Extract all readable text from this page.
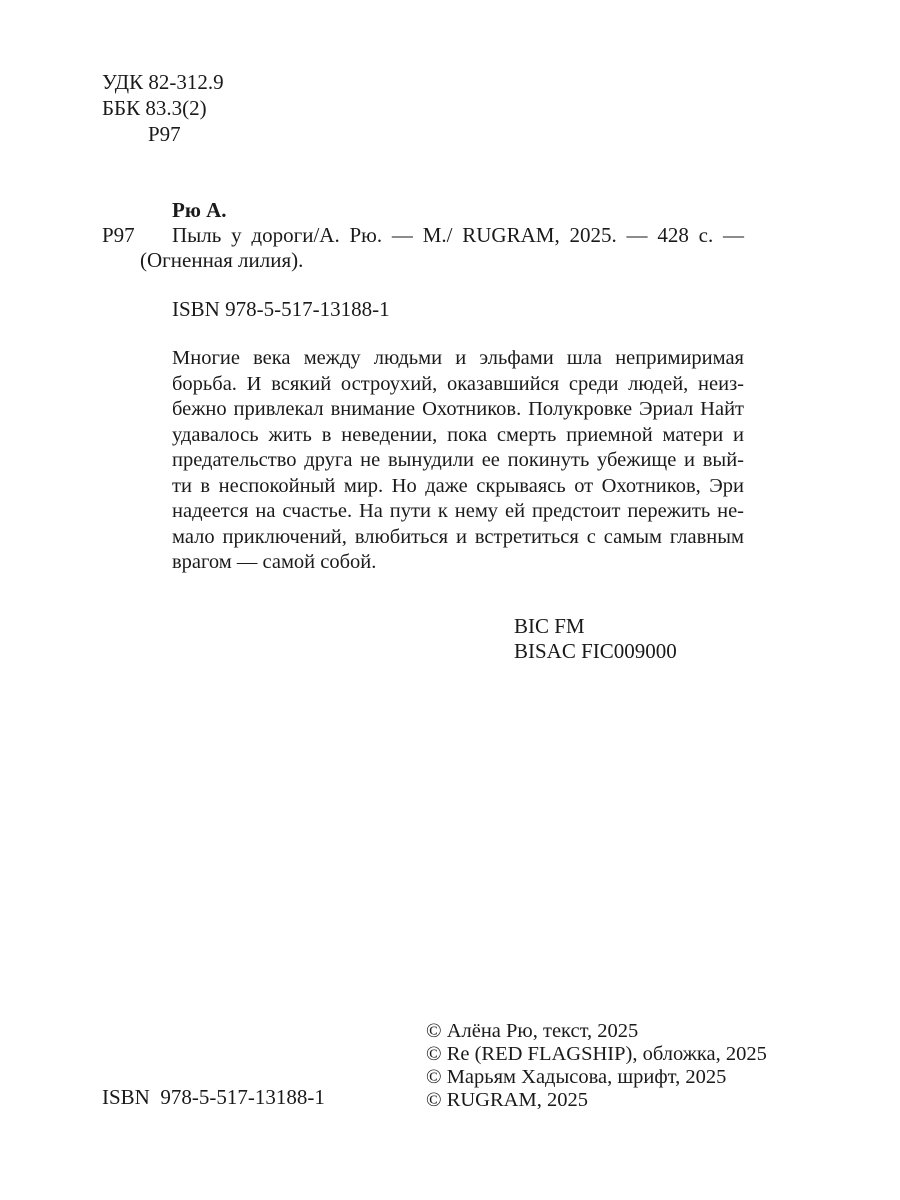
УДК 82-312.9
ББК 83.3(2)
Р97
Рю А.
Р97 Пыль у дороги/А. Рю. — М./ RUGRAM, 2025. — 428 с. —
(Огненная лилия).
ISBN 978-5-517-13188-1
Многие века между людьми и эльфами шла непримиримая
борьба. И всякий остроухий, оказавшийся среди людей, неиз-
бежно привлекал внимание Охотников. Полукровке Эриал Найт
удавалось жить в неведении, пока смерть приемной матери и
предательство друга не вынудили ее покинуть убежище и вый-
ти в неспокойный мир. Но даже скрываясь от Охотников, Эри
надеется на счастье. На пути к нему ей предстоит пережить не-
мало приключений, влюбиться и встретиться с самым главным
врагом — самой собой.
BIC FM
BISAC FIC009000
© Алёна Рю, текст, 2025
© Re (RED FLAGSHIP), обложка, 2025
© Марьям Хадысова, шрифт, 2025
© RUGRAM, 2025
ISBN  978-5-517-13188-1
